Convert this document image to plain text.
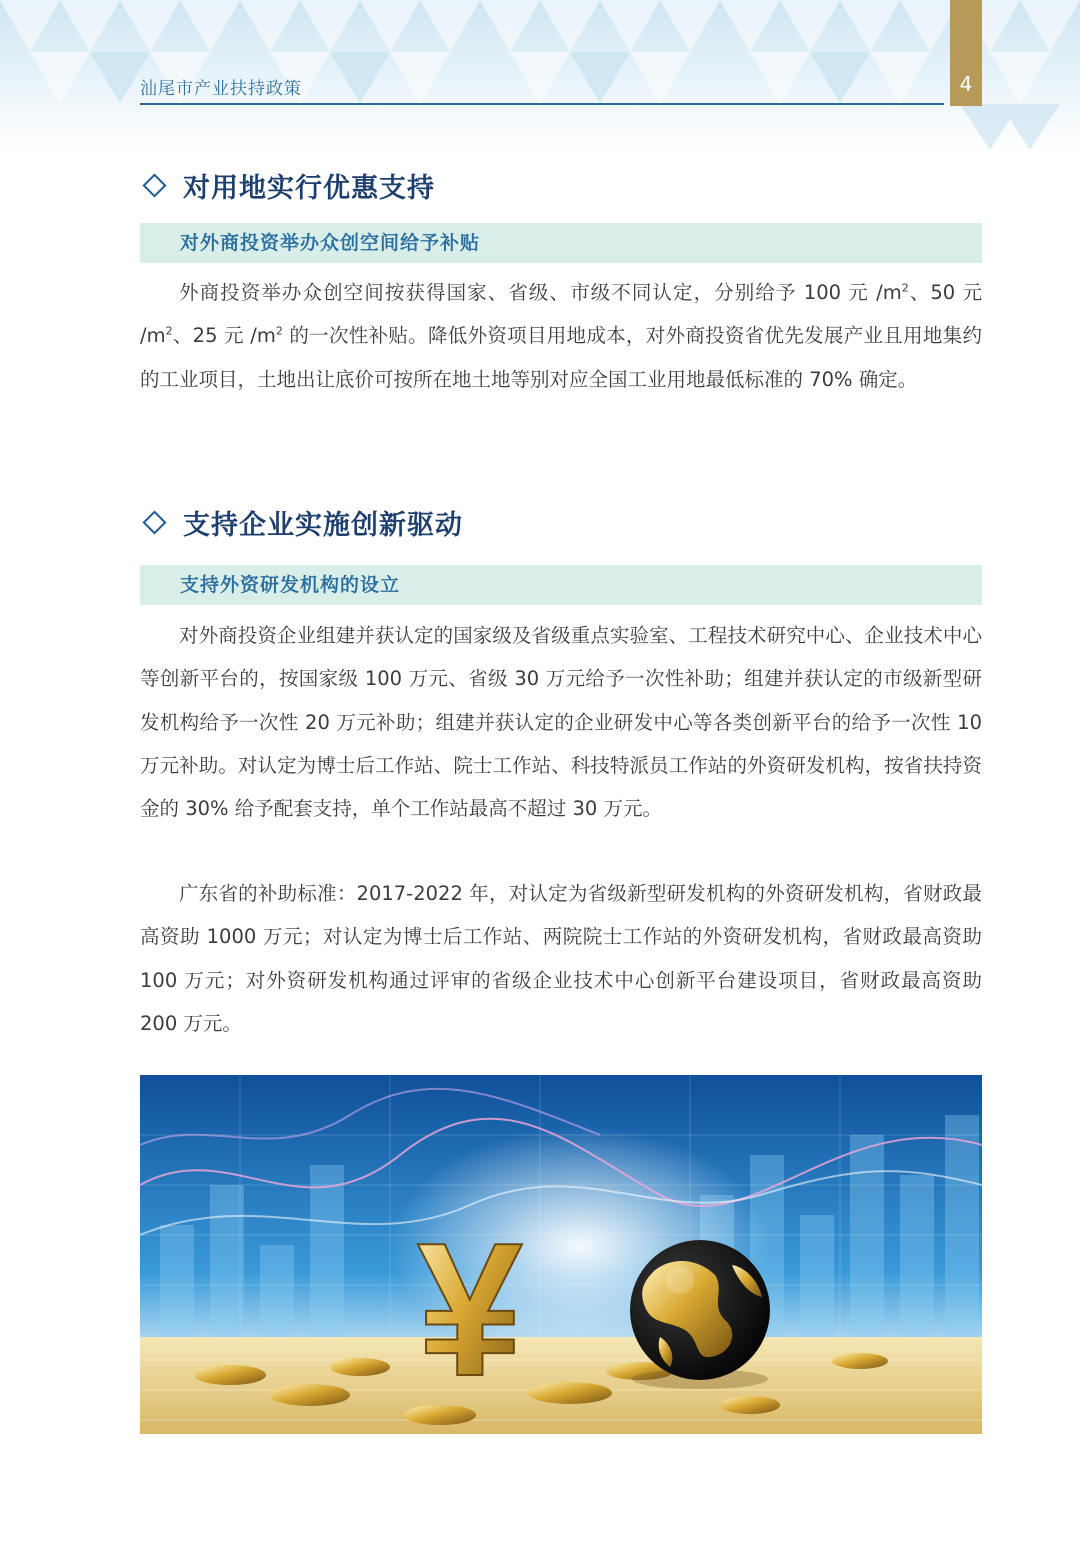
汕尾市产业扶持政策	4
对用地实行优惠支持
对外商投资举办众创空间给予补贴

外商投资举办众创空间按获得国家、省级、市级不同认定，分别给予 100 元 $/m^2$、50 元 $/m^2$、25 元 $/m^2$ 的一次性补贴。降低外资项目用地成本，对外商投资省优先发展产业且用地集约的工业项目，土地出让底价可按所在地土地等别对应全国工业用地最低标准的 70% 确定。

支持企业实施创新驱动
支持外资研发机构的设立

对外商投资企业组建并获认定的国家级及省级重点实验室、工程技术研究中心、企业技术中心等创新平台的，按国家级 100 万元、省级 30 万元给予一次性补助；组建并获认定的市级新型研发机构给予一次性 20 万元补助；组建并获认定的企业研发中心等各类创新平台的给予一次性 10 万元补助。对认定为博士后工作站、院士工作站、科技特派员工作站的外资研发机构，按省扶持资金的 30% 给予配套支持，单个工作站最高不超过 30 万元。

广东省的补助标准：2017-2022 年，对认定为省级新型研发机构的外资研发机构，省财政最高资助 1000 万元；对认定为博士后工作站、两院院士工作站的外资研发机构，省财政最高资助 100 万元；对外资研发机构通过评审的省级企业技术中心创新平台建设项目，省财政最高资助 200 万元。

¥
